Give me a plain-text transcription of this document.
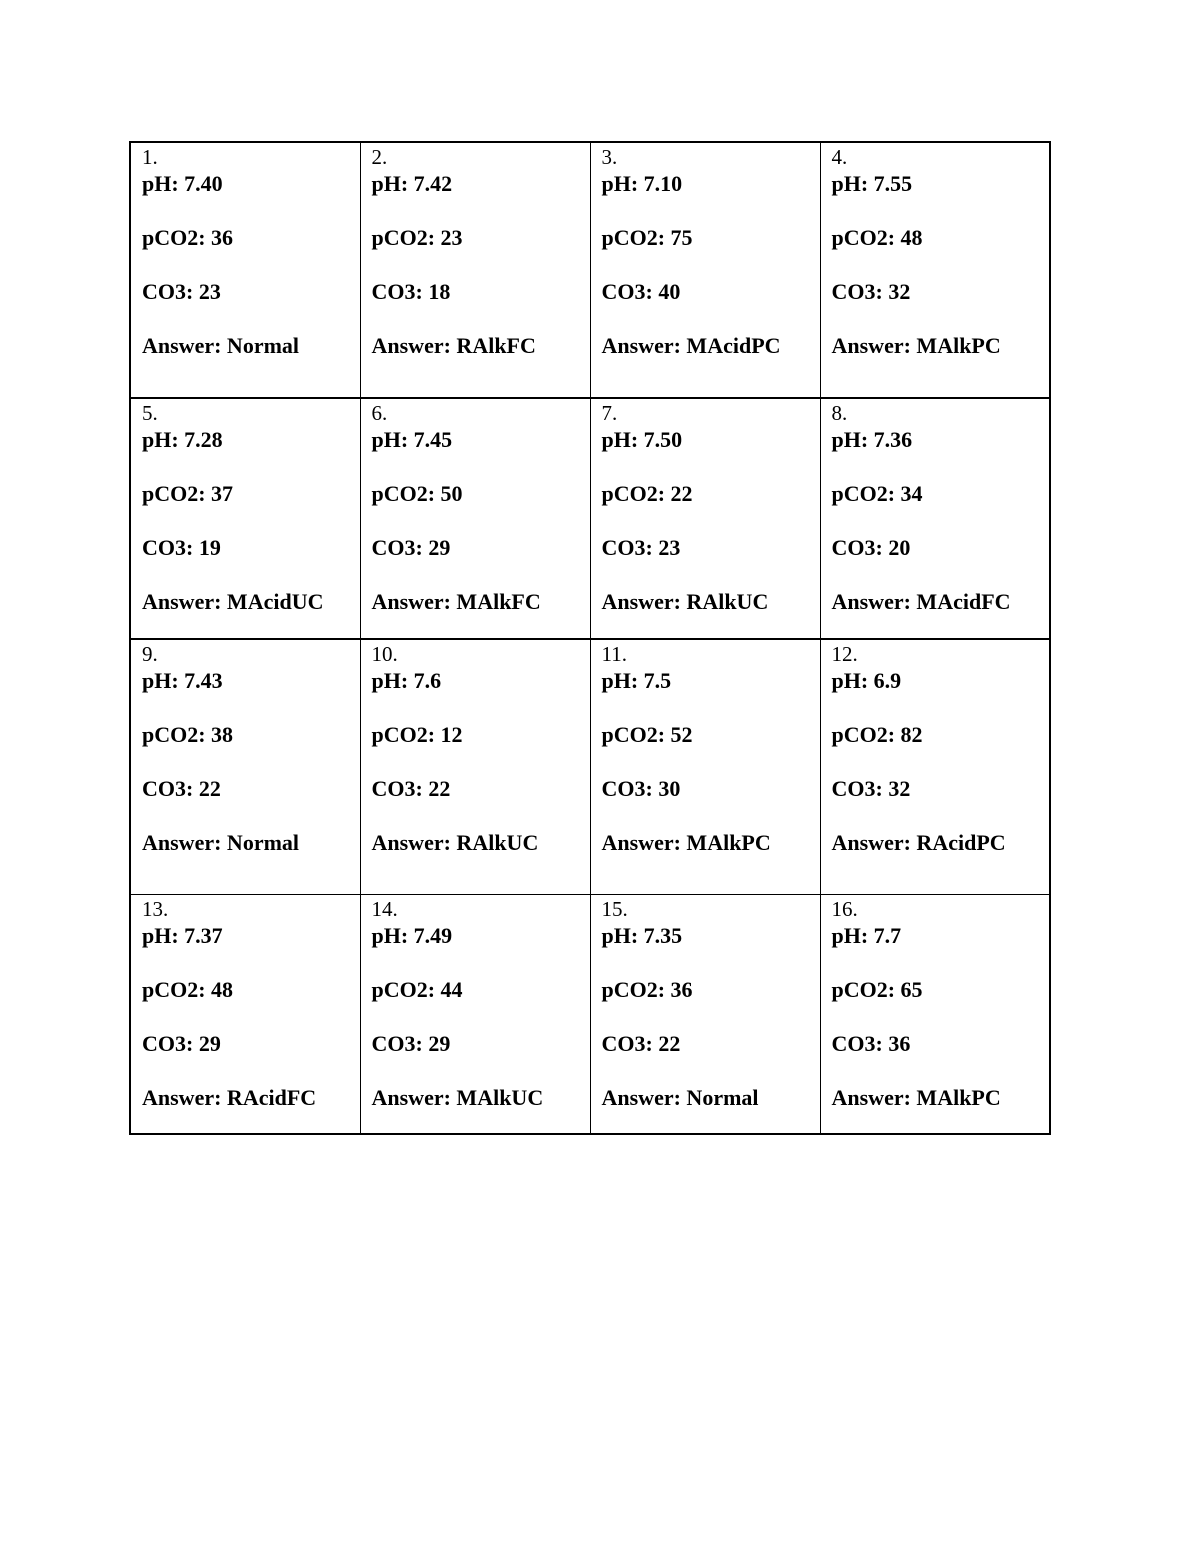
1.
pH: 7.40
pCO2: 36
CO3: 23
Answer: Normal	2.
pH: 7.42
pCO2: 23
CO3: 18
Answer: RAlkFC	3.
pH: 7.10
pCO2: 75
CO3: 40
Answer: MAcidPC	4.
pH: 7.55
pCO2: 48
CO3: 32
Answer: MAlkPC

5.
pH: 7.28
pCO2: 37
CO3: 19
Answer: MAcidUC	6.
pH: 7.45
pCO2: 50
CO3: 29
Answer: MAlkFC	7.
pH: 7.50
pCO2: 22
CO3: 23
Answer: RAlkUC	8.
pH: 7.36
pCO2: 34
CO3: 20
Answer: MAcidFC

9.
pH: 7.43
pCO2: 38
CO3: 22
Answer: Normal	10.
pH: 7.6
pCO2: 12
CO3: 22
Answer: RAlkUC	11.
pH: 7.5
pCO2: 52
CO3: 30
Answer: MAlkPC	12.
pH: 6.9
pCO2: 82
CO3: 32
Answer: RAcidPC

13.
pH: 7.37
pCO2: 48
CO3: 29
Answer: RAcidFC	14.
pH: 7.49
pCO2: 44
CO3: 29
Answer: MAlkUC	15.
pH: 7.35
pCO2: 36
CO3: 22
Answer: Normal	16.
pH: 7.7
pCO2: 65
CO3: 36
Answer: MAlkPC
